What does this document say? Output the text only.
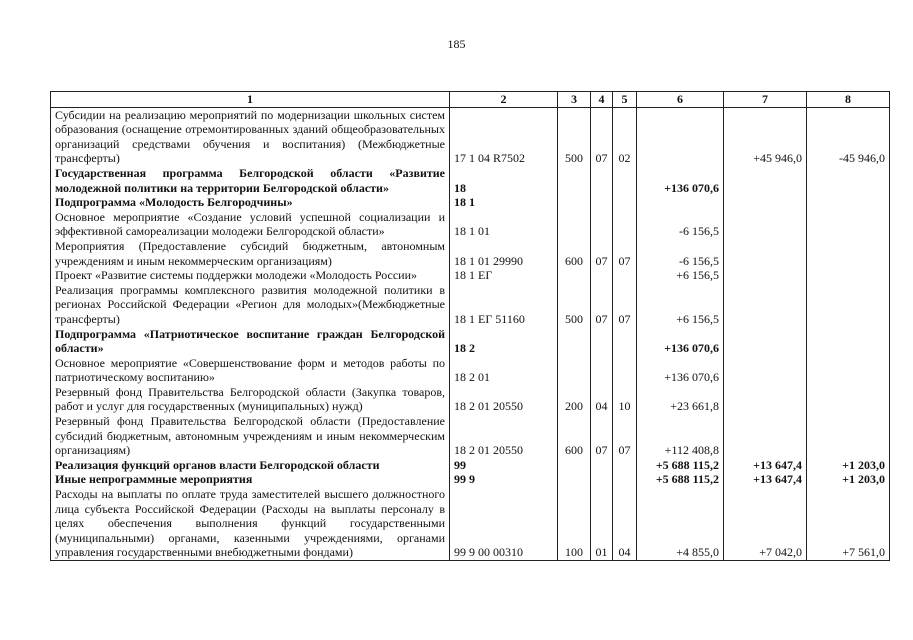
185
1	2	3	4	5	6	7	8
Субсидии на реализацию мероприятий по модернизации школьных систем образования (оснащение отремонтированных зданий общеобразовательных организаций средствами обучения и воспитания) (Межбюджетные трансферты)	17 1 04 R7502	500	07	02		+45 946,0	-45 946,0
Государственная программа Белгородской области «Развитие молодежной политики на территории Белгородской области»	18				+136 070,6		
Подпрограмма «Молодость Белгородчины»	18 1						
Основное мероприятие «Создание условий успешной социализации и эффективной самореализации молодежи Белгородской области»	18 1 01				-6 156,5		
Мероприятия (Предоставление субсидий бюджетным, автономным учреждениям и иным некоммерческим организациям)	18 1 01 29990	600	07	07	-6 156,5		
Проект «Развитие системы поддержки молодежи «Молодость России»	18 1 ЕГ				+6 156,5		
Реализация программы комплексного развития молодежной политики в регионах Российской Федерации «Регион для молодых»(Межбюджетные трансферты)	18 1 ЕГ 51160	500	07	07	+6 156,5		
Подпрограмма «Патриотическое воспитание граждан Белгородской области»	18 2				+136 070,6		
Основное мероприятие «Совершенствование форм и методов работы по патриотическому воспитанию»	18 2 01				+136 070,6		
Резервный фонд Правительства Белгородской области (Закупка товаров, работ и услуг для государственных (муниципальных) нужд)	18 2 01 20550	200	04	10	+23 661,8		
Резервный фонд Правительства Белгородской области (Предоставление субсидий бюджетным, автономным учреждениям и иным некоммерческим организациям)	18 2 01 20550	600	07	07	+112 408,8		
Реализация функций органов власти Белгородской области	99				+5 688 115,2	+13 647,4	+1 203,0
Иные непрограммные мероприятия	99 9				+5 688 115,2	+13 647,4	+1 203,0
Расходы на выплаты по оплате труда заместителей высшего должностного лица субъекта Российской Федерации (Расходы на выплаты персоналу в целях обеспечения выполнения функций государственными (муниципальными) органами, казенными учреждениями, органами управления государственными внебюджетными фондами)	99 9 00 00310	100	01	04	+4 855,0	+7 042,0	+7 561,0
